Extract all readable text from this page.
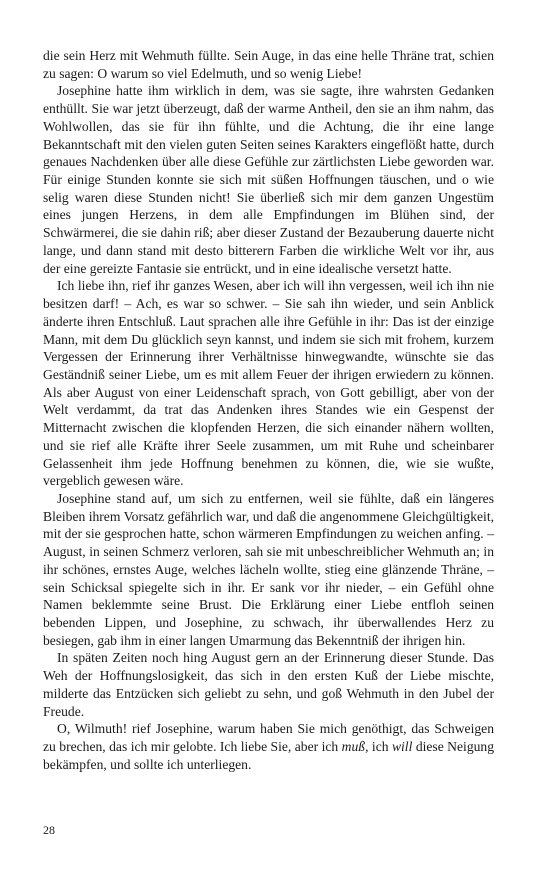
die sein Herz mit Wehmuth füllte. Sein Auge, in das eine helle Thräne trat, schien zu sagen: O warum so viel Edelmuth, und so wenig Liebe!

Josephine hatte ihm wirklich in dem, was sie sagte, ihre wahrsten Gedanken enthüllt. Sie war jetzt überzeugt, daß der warme Antheil, den sie an ihm nahm, das Wohlwollen, das sie für ihn fühlte, und die Achtung, die ihr eine lange Bekanntschaft mit den vielen guten Seiten seines Karakters eingeflößt hatte, durch genaues Nachdenken über alle diese Gefühle zur zärtlichsten Liebe geworden war. Für einige Stunden konnte sie sich mit süßen Hoffnungen täuschen, und o wie selig waren diese Stunden nicht! Sie überließ sich mir dem ganzen Ungestüm eines jungen Herzens, in dem alle Empfindungen im Blühen sind, der Schwärmerei, die sie dahin riß; aber dieser Zustand der Bezauberung dauerte nicht lange, und dann stand mit desto bitterern Farben die wirkliche Welt vor ihr, aus der eine gereizte Fantasie sie entrückt, und in eine idealische versetzt hatte.

Ich liebe ihn, rief ihr ganzes Wesen, aber ich will ihn vergessen, weil ich ihn nie besitzen darf! – Ach, es war so schwer. – Sie sah ihn wieder, und sein Anblick änderte ihren Entschluß. Laut sprachen alle ihre Gefühle in ihr: Das ist der einzige Mann, mit dem Du glücklich seyn kannst, und indem sie sich mit frohem, kurzem Vergessen der Erinnerung ihrer Verhältnisse hinwegwandte, wünschte sie das Geständniß seiner Liebe, um es mit allem Feuer der ihrigen erwiedern zu können. Als aber August von einer Leidenschaft sprach, von Gott gebilligt, aber von der Welt verdammt, da trat das Andenken ihres Standes wie ein Gespenst der Mitternacht zwischen die klopfenden Herzen, die sich einander nähern wollten, und sie rief alle Kräfte ihrer Seele zusammen, um mit Ruhe und scheinbarer Gelassenheit ihm jede Hoffnung benehmen zu können, die, wie sie wußte, vergeblich gewesen wäre.

Josephine stand auf, um sich zu entfernen, weil sie fühlte, daß ein längeres Bleiben ihrem Vorsatz gefährlich war, und daß die angenommene Gleichgültigkeit, mit der sie gesprochen hatte, schon wärmeren Empfindungen zu weichen anfing. – August, in seinen Schmerz verloren, sah sie mit unbeschreiblicher Wehmuth an; in ihr schönes, ernstes Auge, welches lächeln wollte, stieg eine glänzende Thräne, – sein Schicksal spiegelte sich in ihr. Er sank vor ihr nieder, – ein Gefühl ohne Namen beklemmte seine Brust. Die Erklärung einer Liebe entfloh seinen bebenden Lippen, und Josephine, zu schwach, ihr überwallendes Herz zu besiegen, gab ihm in einer langen Umarmung das Bekenntniß der ihrigen hin.

In späten Zeiten noch hing August gern an der Erinnerung dieser Stunde. Das Weh der Hoffnungslosigkeit, das sich in den ersten Kuß der Liebe mischte, milderte das Entzücken sich geliebt zu sehn, und goß Wehmuth in den Jubel der Freude.

O, Wilmuth! rief Josephine, warum haben Sie mich genöthigt, das Schweigen zu brechen, das ich mir gelobte. Ich liebe Sie, aber ich muß, ich will diese Neigung bekämpfen, und sollte ich unterliegen.

28
